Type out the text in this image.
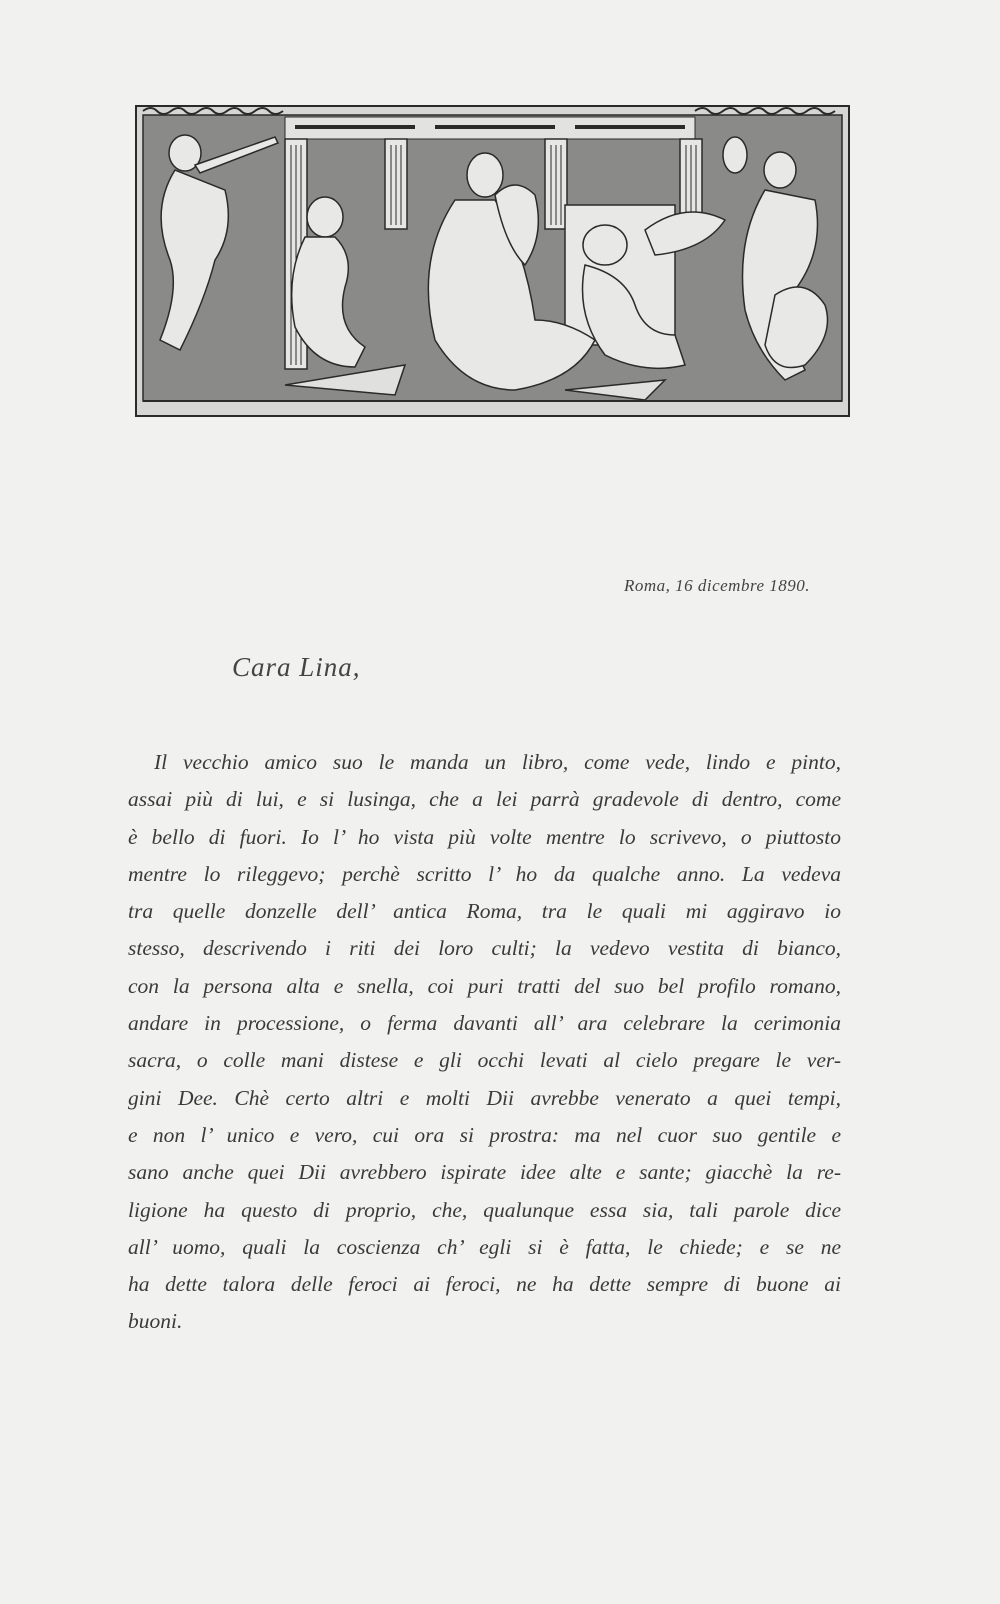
Roma, 16 dicembre 1890.
Cara Lina,
Il vecchio amico suo le manda un libro, come vede, lindo e pinto,
assai più di lui, e si lusinga, che a lei parrà gradevole di dentro, come
è bello di fuori. Io l’ ho vista più volte mentre lo scrivevo, o piuttosto
mentre lo rileggevo; perchè scritto l’ ho da qualche anno. La vedeva
tra quelle donzelle dell’ antica Roma, tra le quali mi aggiravo io
stesso, descrivendo i riti dei loro culti; la vedevo vestita di bianco,
con la persona alta e snella, coi puri tratti del suo bel profilo romano,
andare in processione, o ferma davanti all’ ara celebrare la cerimonia
sacra, o colle mani distese e gli occhi levati al cielo pregare le ver-
gini Dee. Chè certo altri e molti Dii avrebbe venerato a quei tempi,
e non l’ unico e vero, cui ora si prostra: ma nel cuor suo gentile e
sano anche quei Dii avrebbero ispirate idee alte e sante; giacchè la re-
ligione ha questo di proprio, che, qualunque essa sia, tali parole dice
all’ uomo, quali la coscienza ch’ egli si è fatta, le chiede; e se ne
ha dette talora delle feroci ai feroci, ne ha dette sempre di buone ai
buoni.
